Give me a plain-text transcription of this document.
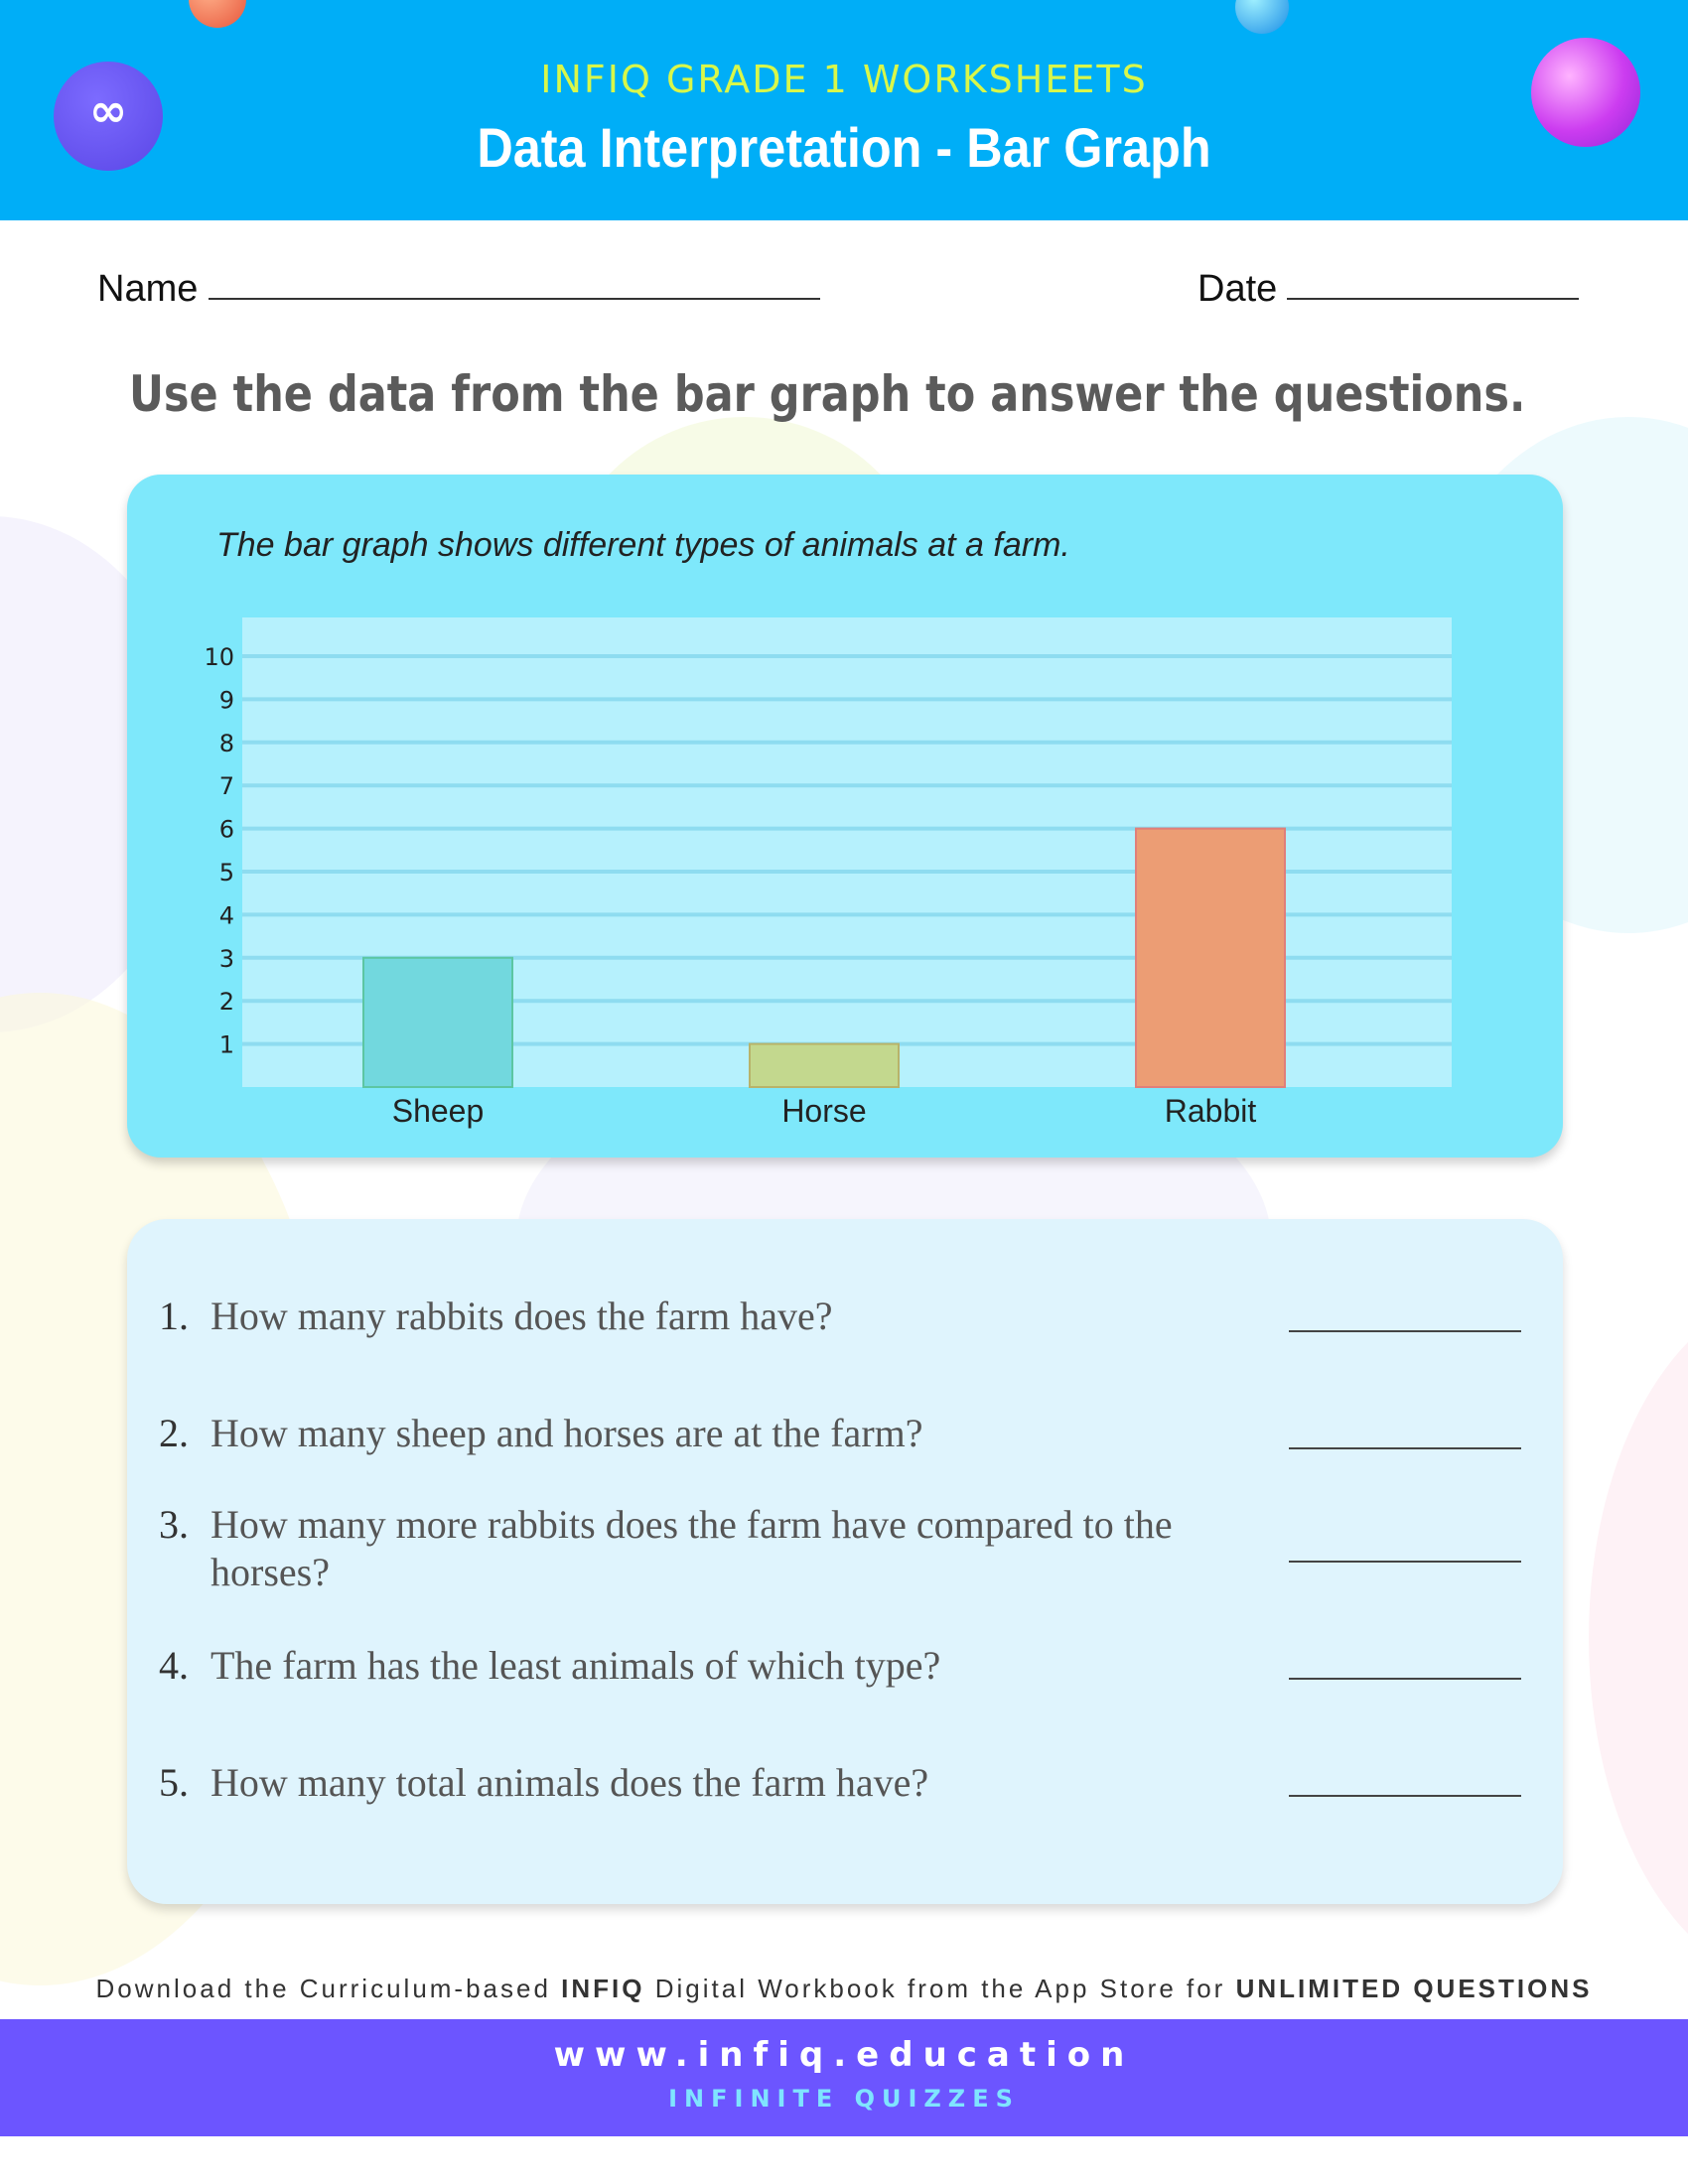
∞
INFIQ GRADE 1 WORKSHEETS
Data Interpretation - Bar Graph
Name	Date
Use the data from the bar graph to answer the questions.
The bar graph shows different types of animals at a farm.
1
2
3
4
5
6
7
8
9
10
Sheep	Horse	Rabbit
1. How many rabbits does the farm have?
2. How many sheep and horses are at the farm?
3. How many more rabbits does the farm have compared to the
horses?
4. The farm has the least animals of which type?
5. How many total animals does the farm have?
Download the Curriculum-based INFIQ Digital Workbook from the App Store for UNLIMITED QUESTIONS
www.infiq.education
INFINITE QUIZZES
